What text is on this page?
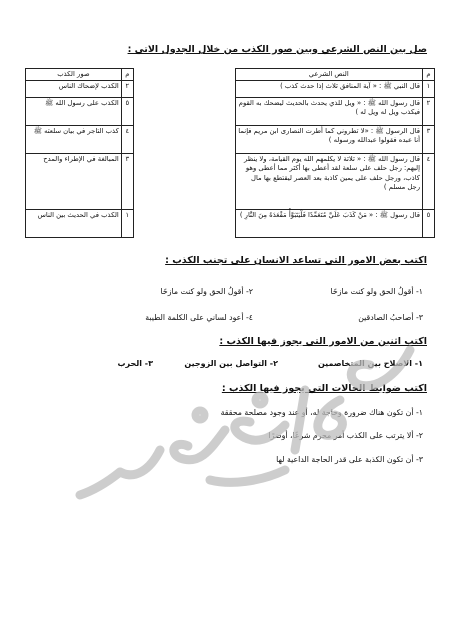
صل بين النص الشرعي وبين صور الكذب من خلال الجدول الاتي :
م	النص الشرعي		م	صور الكذب
١	قال النبي ﷺ : « آية المنافق ثلاث إذا حدث كذب )		٢	الكذب لإضحاك الناس
٢	قال رسول الله ﷺ : « ويل للذي يحدث بالحديث ليضحك به القوم فيكذب ويل له ويل له )		٥	الكذب على رسول الله ﷺ
٣	قال الرسول ﷺ : «لا تطروني كما أطرت النصارى ابن مريم فإنما أنا عبده فقولوا عبدالله ورسوله )		٤	كذب التاجر في بيان سلعته ﷺ
٤	قال رسول الله ﷺ : « ثلاثة لا يكلمهم الله يوم القيامة، ولا ينظر إليهم: رجل حلف على سلعة لقد أعطى بها أكثر مما أعطى وهو كاذب، ورجل حلف على يمين كاذبة بعد العصر ليقتطع بها مال رجل مسلم )		٣	المبالغة في الإطراء والمدح
٥	قال رسول ﷺ : « مَنْ كَذَبَ عَلَيَّ مُتَعَمِّدًا فَلْيَتَبَوَّأْ مَقْعَدَهُ مِنَ النَّارِ )		١	الكذب في الحديث بين الناس
اكتب بعض الامور التي تساعد الانسان على تجنب الكذب :
١- أقولُ الحق ولو كنت مازحًا
٢- أقولُ الحق ولو كنت مازحًا
٣- أصاحبُ الصادقين
٤- أعود لساني على الكلمة الطيبة
اكتب اثنين من الامور التي يجوز فيها الكذب :
١- الاصلاح بين المتخاصمين
٢- التواصل بين الزوجين
٣- الحرب
اكتب ضوابط الحالات التي يجوز فيها الكذب :
١- أن تكون هناك ضرورة وحاجة له، أو عند وجود مصلحة محققة
٢- ألا يترتب على الكذب أمر محرم شرعًا، أوضرًا
٣- أن تكون الكذبة على قدر الحاجة الداعية لها
